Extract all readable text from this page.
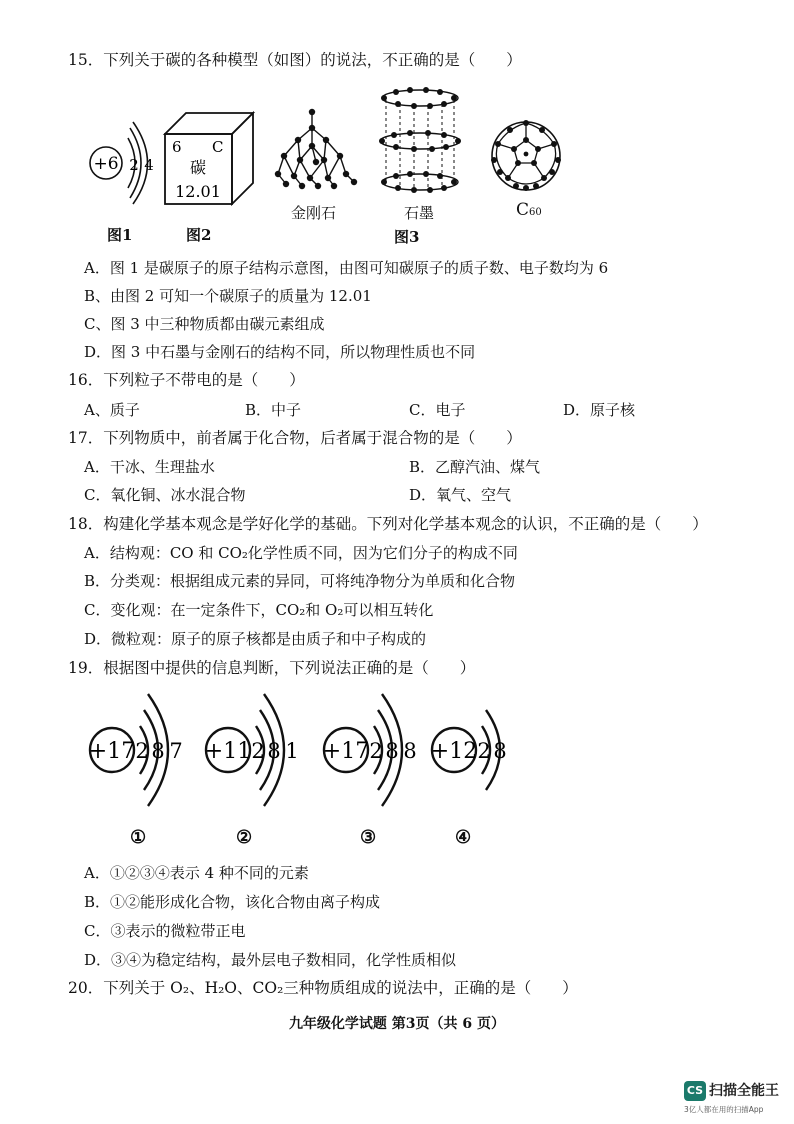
15．下列关于碳的各种模型（如图）的说法，不正确的是（　　）
+6 2 4
6 C
碳
12.01
图1	图2
金刚石	石墨	C60
图3
A．图 1 是碳原子的原子结构示意图，由图可知碳原子的质子数、电子数均为 6
B、由图 2 可知一个碳原子的质量为 12.01
C、图 3 中三种物质都由碳元素组成
D．图 3 中石墨与金刚石的结构不同，所以物理性质也不同
16．下列粒子不带电的是（　　）
A、质子	B．中子	C．电子	D．原子核
17．下列物质中，前者属于化合物，后者属于混合物的是（　　）
A．干冰、生理盐水	B．乙醇汽油、煤气
C．氧化铜、冰水混合物	D．氧气、空气
18．构建化学基本观念是学好化学的基础。下列对化学基本观念的认识，不正确的是（　　）
A．结构观：CO 和 CO₂化学性质不同，因为它们分子的构成不同
B．分类观：根据组成元素的异同，可将纯净物分为单质和化合物
C．变化观：在一定条件下，CO₂和 O₂可以相互转化
D．微粒观：原子的原子核都是由质子和中子构成的
19．根据图中提供的信息判断，下列说法正确的是（　　）
+17 2 8 7 +11 2 8 1 +17 2 8 8 +12 2 8
①	②	③	④
A．①②③④表示 4 种不同的元素
B．①②能形成化合物，该化合物由离子构成
C．③表示的微粒带正电
D．③④为稳定结构，最外层电子数相同，化学性质相似
20．下列关于 O₂、H₂O、CO₂三种物质组成的说法中，正确的是（　　）
九年级化学试题 第3页（共 6 页）
CS 扫描全能王
3亿人都在用的扫描App
